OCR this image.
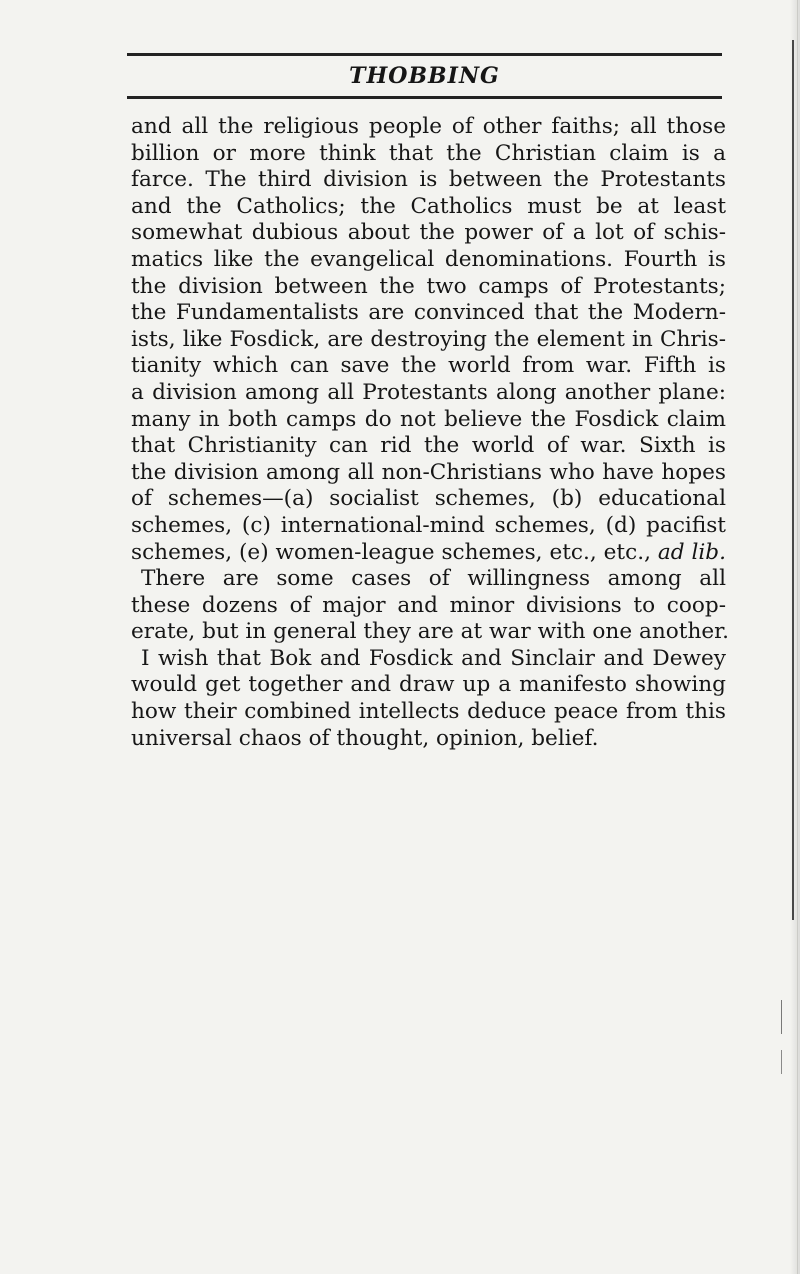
THOBBING
and all the religious people of other faiths; all those
billion or more think that the Christian claim is a
farce. The third division is between the Protestants
and the Catholics; the Catholics must be at least
somewhat dubious about the power of a lot of schis-
matics like the evangelical denominations. Fourth is
the division between the two camps of Protestants;
the Fundamentalists are convinced that the Modern-
ists, like Fosdick, are destroying the element in Chris-
tianity which can save the world from war. Fifth is
a division among all Protestants along another plane:
many in both camps do not believe the Fosdick claim
that Christianity can rid the world of war. Sixth is
the division among all non-Christians who have hopes
of schemes—(a) socialist schemes, (b) educational
schemes, (c) international-mind schemes, (d) pacifist
schemes, (e) women-league schemes, etc., etc., ad lib.
There are some cases of willingness among all
these dozens of major and minor divisions to coop-
erate, but in general they are at war with one another.
I wish that Bok and Fosdick and Sinclair and Dewey
would get together and draw up a manifesto showing
how their combined intellects deduce peace from this
universal chaos of thought, opinion, belief.
